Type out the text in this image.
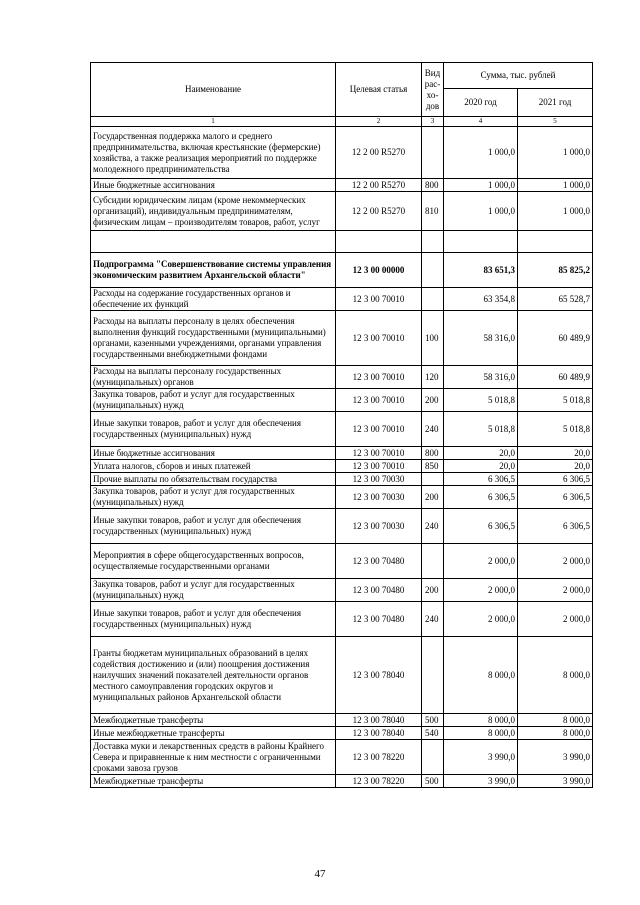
Наименование	Целевая статья	Вид рас-хо-дов	Сумма, тыс. рублей	
			2020 год	2021 год
1	2	3	4	5
Государственная поддержка малого и среднего предпринимательства, включая крестьянские (фермерские) хозяйства, а также реализация мероприятий по поддержке молодежного предпринимательства	12 2 00 R5270		1 000,0	1 000,0
Иные бюджетные ассигнования	12 2 00 R5270	800	1 000,0	1 000,0
Субсидии юридическим лицам (кроме некоммерческих организаций), индивидуальным предпринимателям, физическим лицам – производителям товаров, работ, услуг	12 2 00 R5270	810	1 000,0	1 000,0

Подпрограмма "Совершенствование системы управления экономическим развитием Архангельской области"	12 3 00 00000		83 651,3	85 825,2
Расходы на содержание государственных органов и обеспечение их функций	12 3 00 70010		63 354,8	65 528,7
Расходы на выплаты персоналу в целях обеспечения выполнения функций государственными (муниципальными) органами, казенными учреждениями, органами управления государственными внебюджетными фондами	12 3 00 70010	100	58 316,0	60 489,9
Расходы на выплаты персоналу государственных (муниципальных) органов	12 3 00 70010	120	58 316,0	60 489,9
Закупка товаров, работ и услуг для государственных (муниципальных) нужд	12 3 00 70010	200	5 018,8	5 018,8
Иные закупки товаров, работ и услуг для обеспечения государственных (муниципальных) нужд	12 3 00 70010	240	5 018,8	5 018,8
Иные бюджетные ассигнования	12 3 00 70010	800	20,0	20,0
Уплата налогов, сборов и иных платежей	12 3 00 70010	850	20,0	20,0
Прочие выплаты по обязательствам государства	12 3 00 70030		6 306,5	6 306,5
Закупка товаров, работ и услуг для государственных (муниципальных) нужд	12 3 00 70030	200	6 306,5	6 306,5
Иные закупки товаров, работ и услуг для обеспечения государственных (муниципальных) нужд	12 3 00 70030	240	6 306,5	6 306,5
Мероприятия в сфере общегосударственных вопросов, осуществляемые государственными органами	12 3 00 70480		2 000,0	2 000,0
Закупка товаров, работ и услуг для государственных (муниципальных) нужд	12 3 00 70480	200	2 000,0	2 000,0
Иные закупки товаров, работ и услуг для обеспечения государственных (муниципальных) нужд	12 3 00 70480	240	2 000,0	2 000,0
Гранты бюджетам муниципальных образований в целях содействия достижению и (или) поощрения достижения наилучших значений показателей деятельности органов местного самоуправления городских округов и муниципальных районов Архангельской области	12 3 00 78040		8 000,0	8 000,0
Межбюджетные трансферты	12 3 00 78040	500	8 000,0	8 000,0
Иные межбюджетные трансферты	12 3 00 78040	540	8 000,0	8 000,0
Доставка муки и лекарственных средств в районы Крайнего Севера и приравненные к ним местности с ограниченными сроками завоза грузов	12 3 00 78220		3 990,0	3 990,0
Межбюджетные трансферты	12 3 00 78220	500	3 990,0	3 990,0
47
